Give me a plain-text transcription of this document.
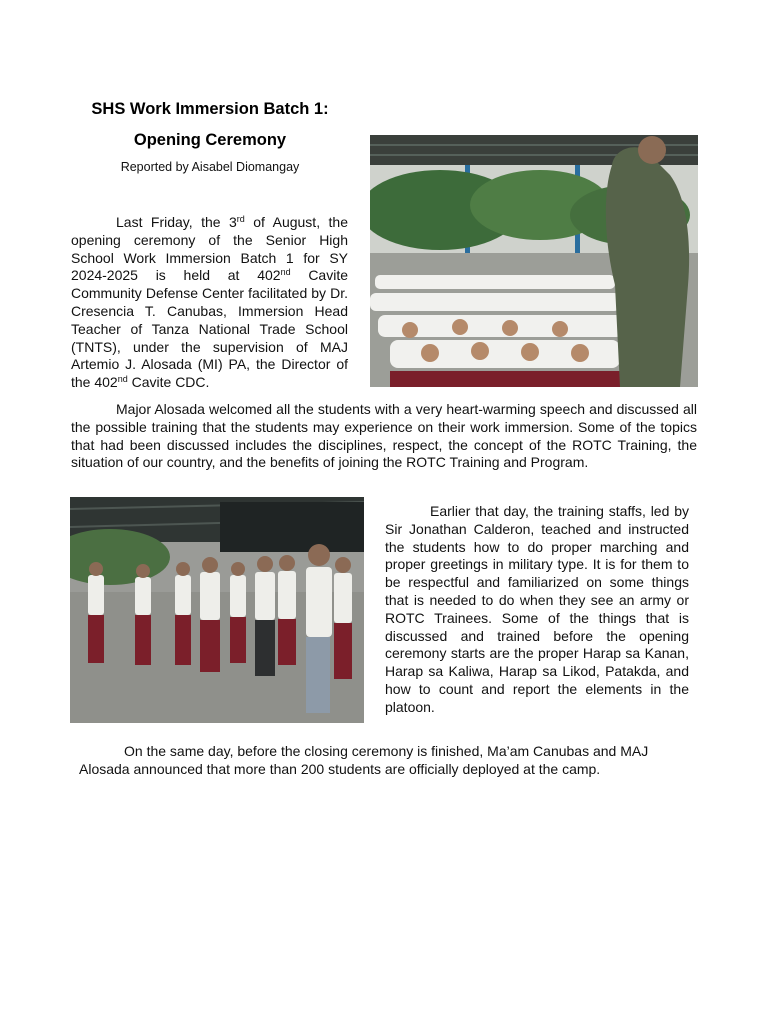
SHS Work Immersion Batch 1:
Opening Ceremony
Reported by Aisabel Diomangay

Last Friday, the 3rd of August, the opening ceremony of the Senior High School Work Immersion Batch 1 for SY 2024-2025 is held at 402nd Cavite Community Defense Center facilitated by Dr. Cresencia T. Canubas, Immersion Head Teacher of Tanza National Trade School (TNTS), under the supervision of MAJ Artemio J. Alosada (MI) PA, the Director of the 402nd Cavite CDC.

Major Alosada welcomed all the students with a very heart-warming speech and discussed all the possible training that the students may experience on their work immersion. Some of the topics that had been discussed includes the disciplines, respect, the concept of the ROTC Training, the situation of our country, and the benefits of joining the ROTC Training and Program.

Earlier that day, the training staffs, led by Sir Jonathan Calderon, teached and instructed the students how to do proper marching and proper greetings in military type. It is for them to be respectful and familiarized on some things that is needed to do when they see an army or ROTC Trainees. Some of the things that is discussed and trained before the opening ceremony starts are the proper Harap sa Kanan, Harap sa Kaliwa, Harap sa Likod, Patakda, and how to count and report the elements in the platoon.

On the same day, before the closing ceremony is finished, Ma’am Canubas and MAJ Alosada announced that more than 200 students are officially deployed at the camp.
